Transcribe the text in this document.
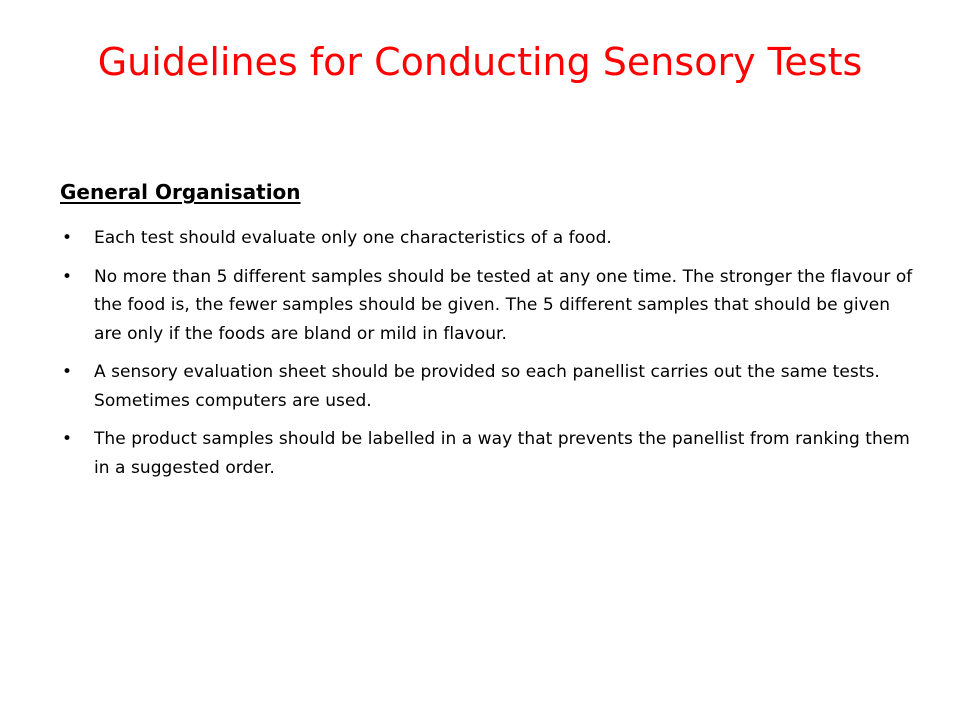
Guidelines for Conducting Sensory Tests
General Organisation
• Each test should evaluate only one characteristics of a food.
• No more than 5 different samples should be tested at any one time. The stronger the flavour of the food is, the fewer samples should be given. The 5 different samples that should be given are only if the foods are bland or mild in flavour.
• A sensory evaluation sheet should be provided so each panellist carries out the same tests. Sometimes computers are used.
• The product samples should be labelled in a way that prevents the panellist from ranking them in a suggested order.
